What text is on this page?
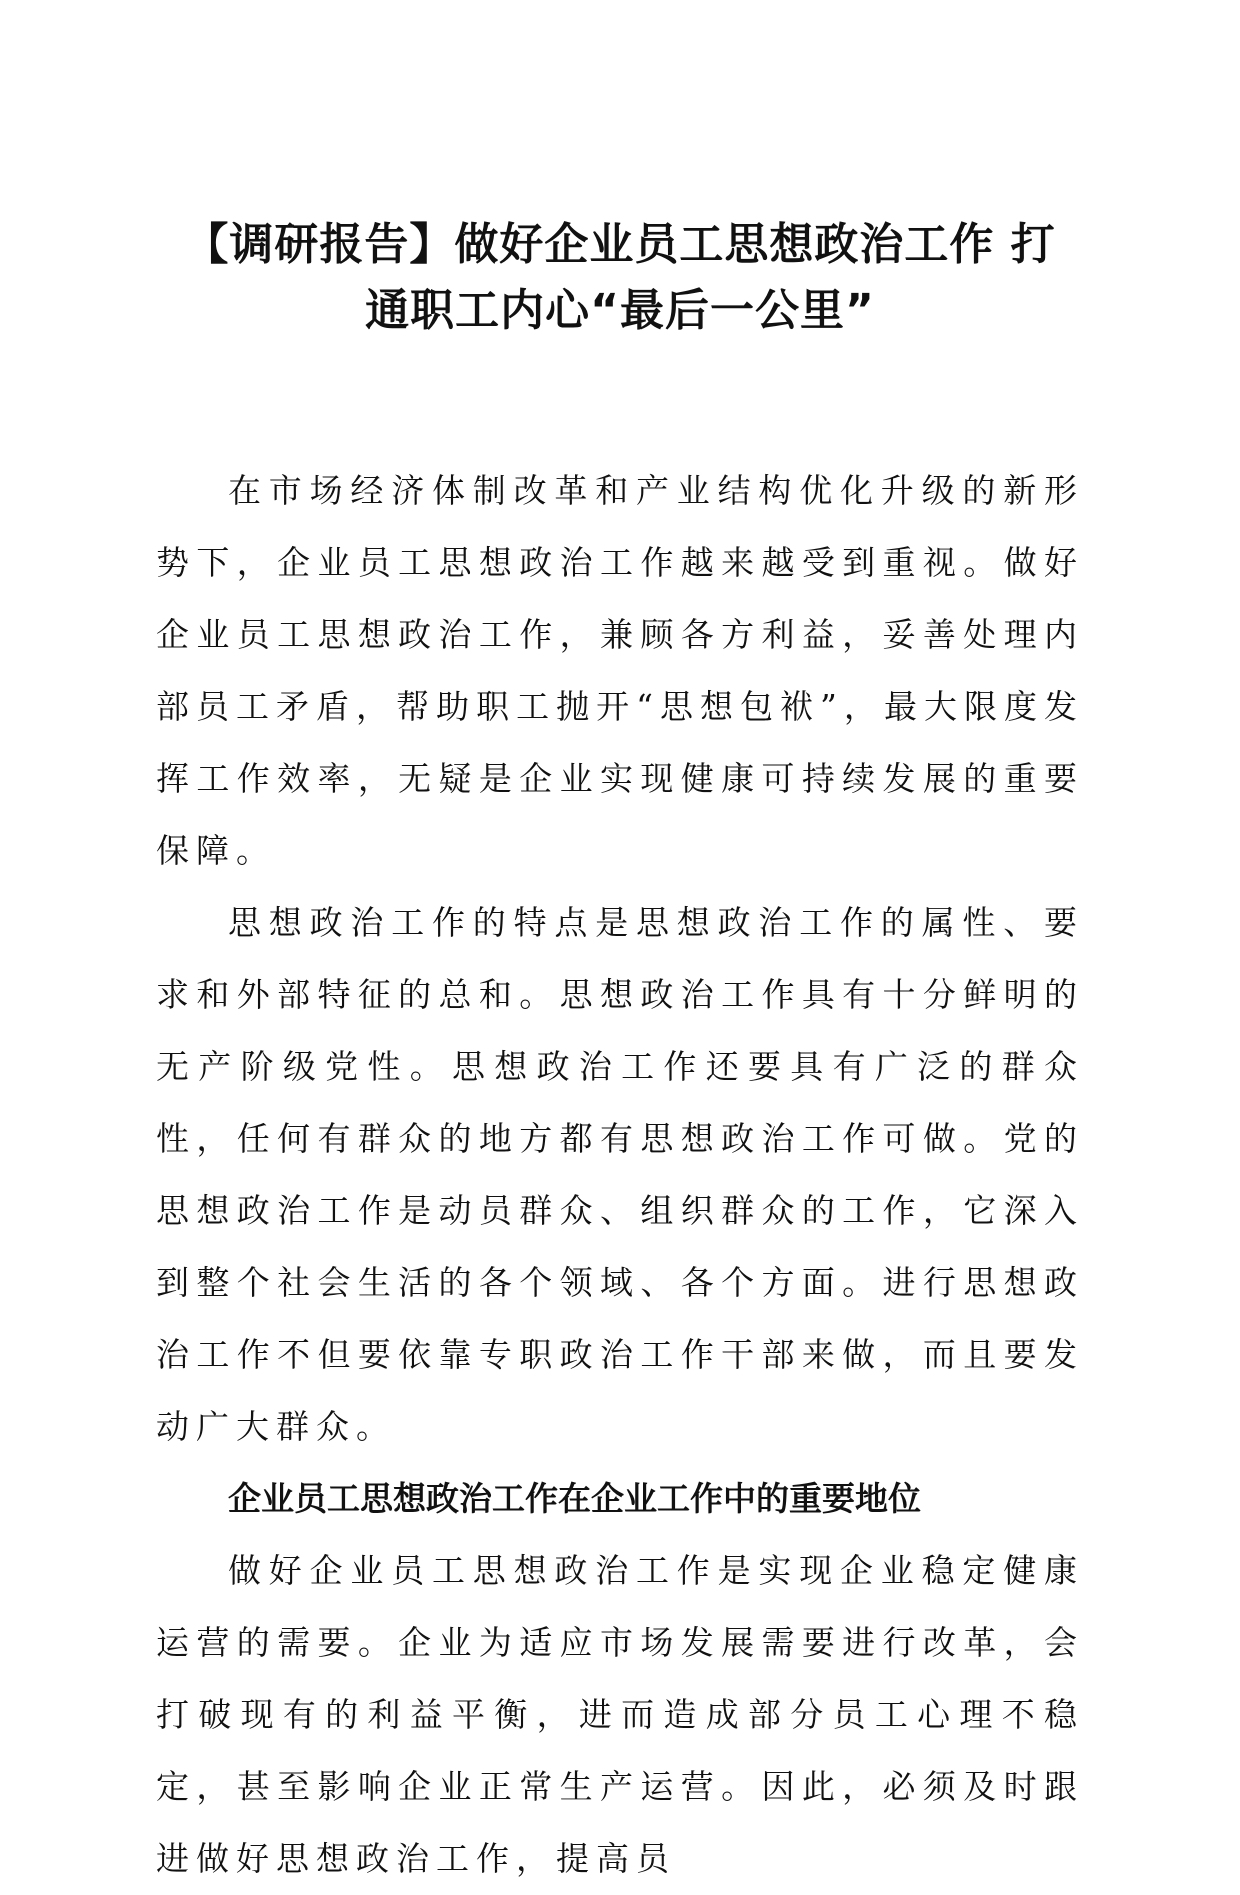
【调研报告】做好企业员工思想政治工作 打
通职工内心“最后一公里”

在市场经济体制改革和产业结构优化升级的新形势下，企业员工思想政治工作越来越受到重视。做好企业员工思想政治工作，兼顾各方利益，妥善处理内部员工矛盾，帮助职工抛开“思想包袱”，最大限度发挥工作效率，无疑是企业实现健康可持续发展的重要保障。

思想政治工作的特点是思想政治工作的属性、要求和外部特征的总和。思想政治工作具有十分鲜明的无产阶级党性。思想政治工作还要具有广泛的群众性，任何有群众的地方都有思想政治工作可做。党的思想政治工作是动员群众、组织群众的工作，它深入到整个社会生活的各个领域、各个方面。进行思想政治工作不但要依靠专职政治工作干部来做，而且要发动广大群众。

企业员工思想政治工作在企业工作中的重要地位

做好企业员工思想政治工作是实现企业稳定健康运营的需要。企业为适应市场发展需要进行改革，会打破现有的利益平衡，进而造成部分员工心理不稳定，甚至影响企业正常生产运营。因此，必须及时跟进做好思想政治工作，提高员
